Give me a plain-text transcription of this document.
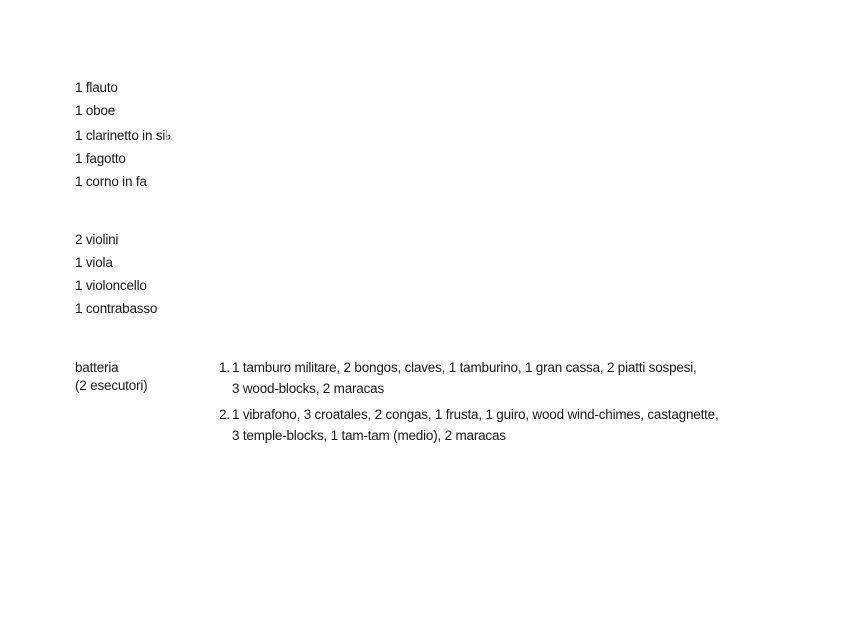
1 flauto
1 oboe
1 clarinetto in si♭
1 fagotto
1 corno in fa
2 violini
1 viola
1 violoncello
1 contrabasso
batteria
(2 esecutori)
1. 1 tamburo militare, 2 bongos, claves, 1 tamburino, 1 gran cassa, 2 piatti sospesi,
3 wood-blocks, 2 maracas
2. 1 vibrafono, 3 croatales, 2 congas, 1 frusta, 1 guiro, wood wind-chimes, castagnette,
3 temple-blocks, 1 tam-tam (medio), 2 maracas
